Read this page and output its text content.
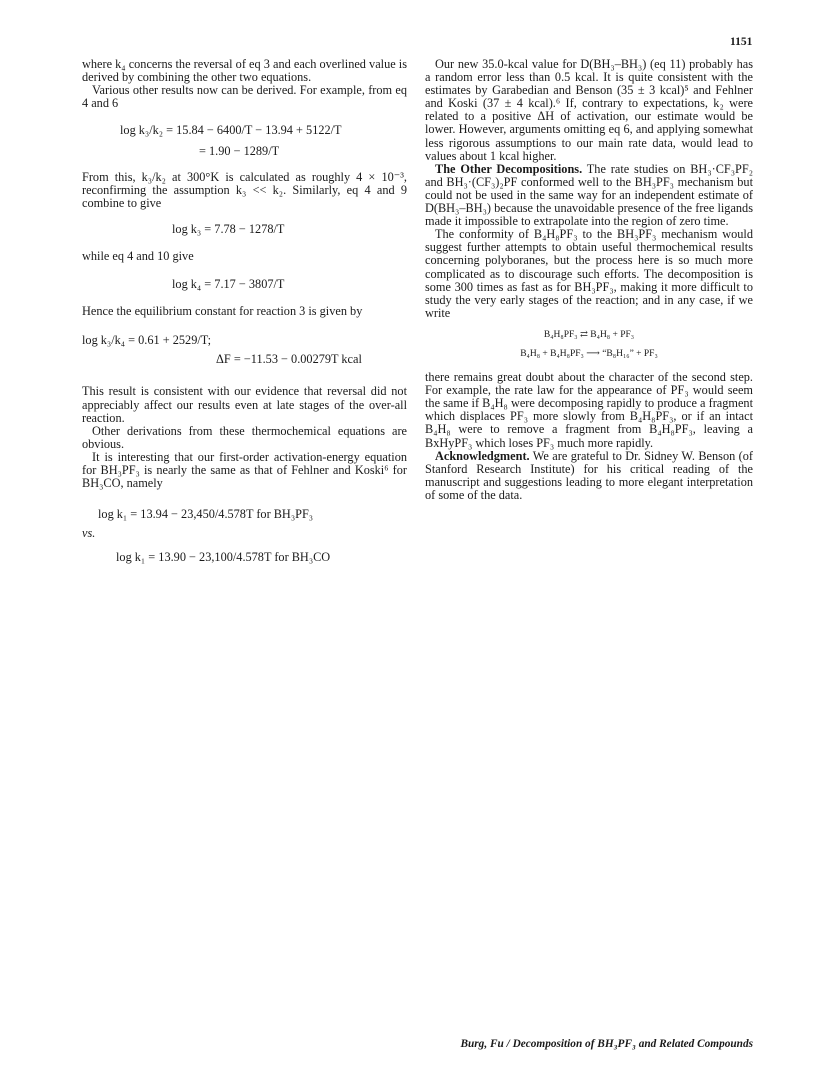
1151

where k₄ concerns the reversal of eq 3 and each overlined value is derived by combining the other two equations.

Various other results now can be derived. For example, from eq 4 and 6

log k₃/k₂ = 15.84 − 6400/T − 13.94 + 5122/T

= 1.90 − 1289/T

From this, k₃/k₂ at 300°K is calculated as roughly 4 × 10⁻³, reconfirming the assumption k₃ << k₂. Similarly, eq 4 and 9 combine to give

log k₃ = 7.78 − 1278/T

while eq 4 and 10 give

log k₄ = 7.17 − 3807/T

Hence the equilibrium constant for reaction 3 is given by

log k₃/k₄ = 0.61 + 2529/T;

ΔF = −11.53 − 0.00279T kcal

This result is consistent with our evidence that reversal did not appreciably affect our results even at late stages of the over-all reaction.

Other derivations from these thermochemical equations are obvious.

It is interesting that our first-order activation-energy equation for BH₃PF₃ is nearly the same as that of Fehlner and Koski⁶ for BH₃CO, namely

log k₁ = 13.94 − 23,450/4.578T for BH₃PF₃

vs.

log k₁ = 13.90 − 23,100/4.578T for BH₃CO

Our new 35.0-kcal value for D(BH₃–BH₃) (eq 11) probably has a random error less than 0.5 kcal. It is quite consistent with the estimates by Garabedian and Benson (35 ± 3 kcal)⁵ and Fehlner and Koski (37 ± 4 kcal).⁶ If, contrary to expectations, k₂ were related to a positive ΔH of activation, our estimate would be lower. However, arguments omitting eq 6, and applying somewhat less rigorous assumptions to our main rate data, would lead to values about 1 kcal higher.

The Other Decompositions. The rate studies on BH₃·CF₃PF₂ and BH₃·(CF₃)₂PF conformed well to the BH₃PF₃ mechanism but could not be used in the same way for an independent estimate of D(BH₃–BH₃) because the unavoidable presence of the free ligands made it impossible to extrapolate into the region of zero time.

The conformity of B₄H₈PF₃ to the BH₃PF₃ mechanism would suggest further attempts to obtain useful thermochemical results concerning polyboranes, but the process here is so much more complicated as to discourage such efforts. The decomposition is some 300 times as fast as for BH₃PF₃, making it more difficult to study the very early stages of the reaction; and in any case, if we write

B₄H₈PF₃ ⇄ B₄H₈ + PF₃

B₄H₈ + B₄H₈PF₃ ⟶ “B₈H₁₆” + PF₃

there remains great doubt about the character of the second step. For example, the rate law for the appearance of PF₃ would seem the same if B₄H₈ were decomposing rapidly to produce a fragment which displaces PF₃ more slowly from B₄H₈PF₃, or if an intact B₄H₈ were to remove a fragment from B₄H₈PF₃, leaving a BxHyPF₃ which loses PF₃ much more rapidly.

Acknowledgment. We are grateful to Dr. Sidney W. Benson (of Stanford Research Institute) for his critical reading of the manuscript and suggestions leading to more elegant interpretation of some of the data.

Burg, Fu / Decomposition of BH₃PF₃ and Related Compounds
